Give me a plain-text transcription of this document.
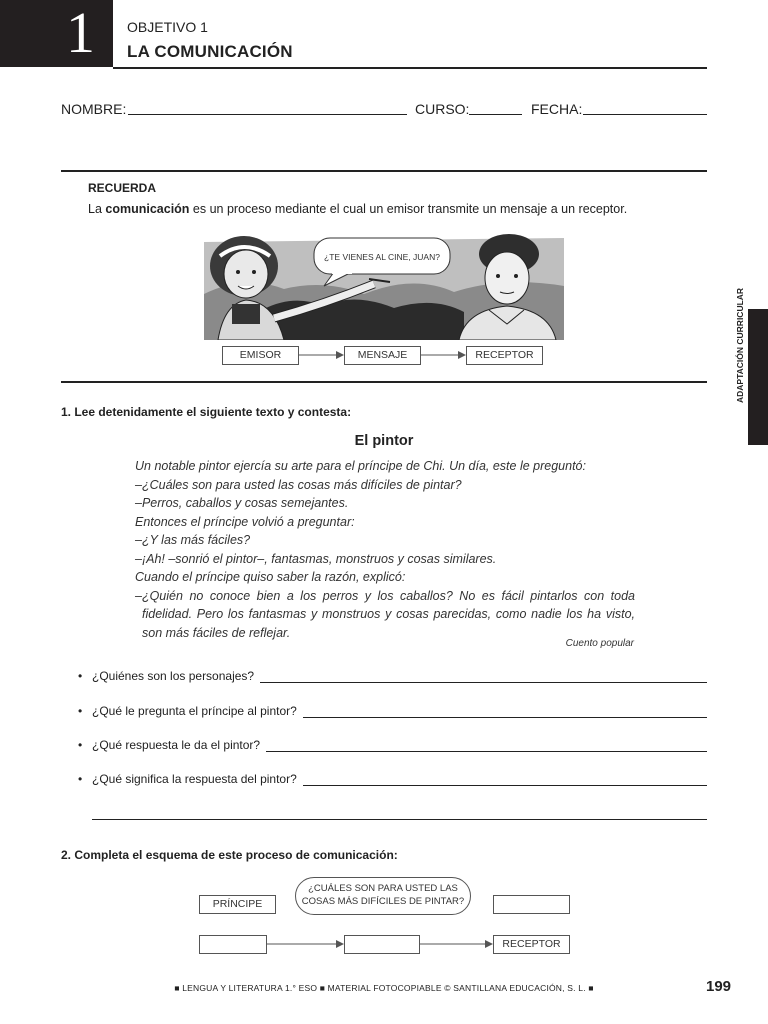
1	OBJETIVO 1
LA COMUNICACIÓN
NOMBRE:	CURSO:	FECHA:
RECUERDA
La comunicación es un proceso mediante el cual un emisor transmite un mensaje a un receptor.
¿TE VIENES AL CINE, JUAN?
EMISOR	MENSAJE	RECEPTOR	ADAPTACIÓN CURRICULAR
1. Lee detenidamente el siguiente texto y contesta:
El pintor

Un notable pintor ejercía su arte para el príncipe de Chi. Un día, este le preguntó:

–¿Cuáles son para usted las cosas más difíciles de pintar?

–Perros, caballos y cosas semejantes.

Entonces el príncipe volvió a preguntar:

–¿Y las más fáciles?

–¡Ah! –sonrió el pintor–, fantasmas, monstruos y cosas similares.

Cuando el príncipe quiso saber la razón, explicó:

–¿Quién no conoce bien a los perros y los caballos? No es fácil pintarlos con toda fidelidad. Pero los fantasmas y monstruos y cosas parecidas, como nadie los ha visto, son más fáciles de reflejar.

Cuento popular
• ¿Quiénes son los personajes?
• ¿Qué le pregunta el príncipe al pintor?
• ¿Qué respuesta le da el pintor?
• ¿Qué significa la respuesta del pintor?
2. Completa el esquema de este proceso de comunicación:
PRÍNCIPE
¿CUÁLES SON PARA USTED LAS COSAS MÁS DIFÍCILES DE PINTAR?
RECEPTOR
■ LENGUA Y LITERATURA 1.° ESO ■ MATERIAL FOTOCOPIABLE © SANTILLANA EDUCACIÓN, S. L. ■	199
